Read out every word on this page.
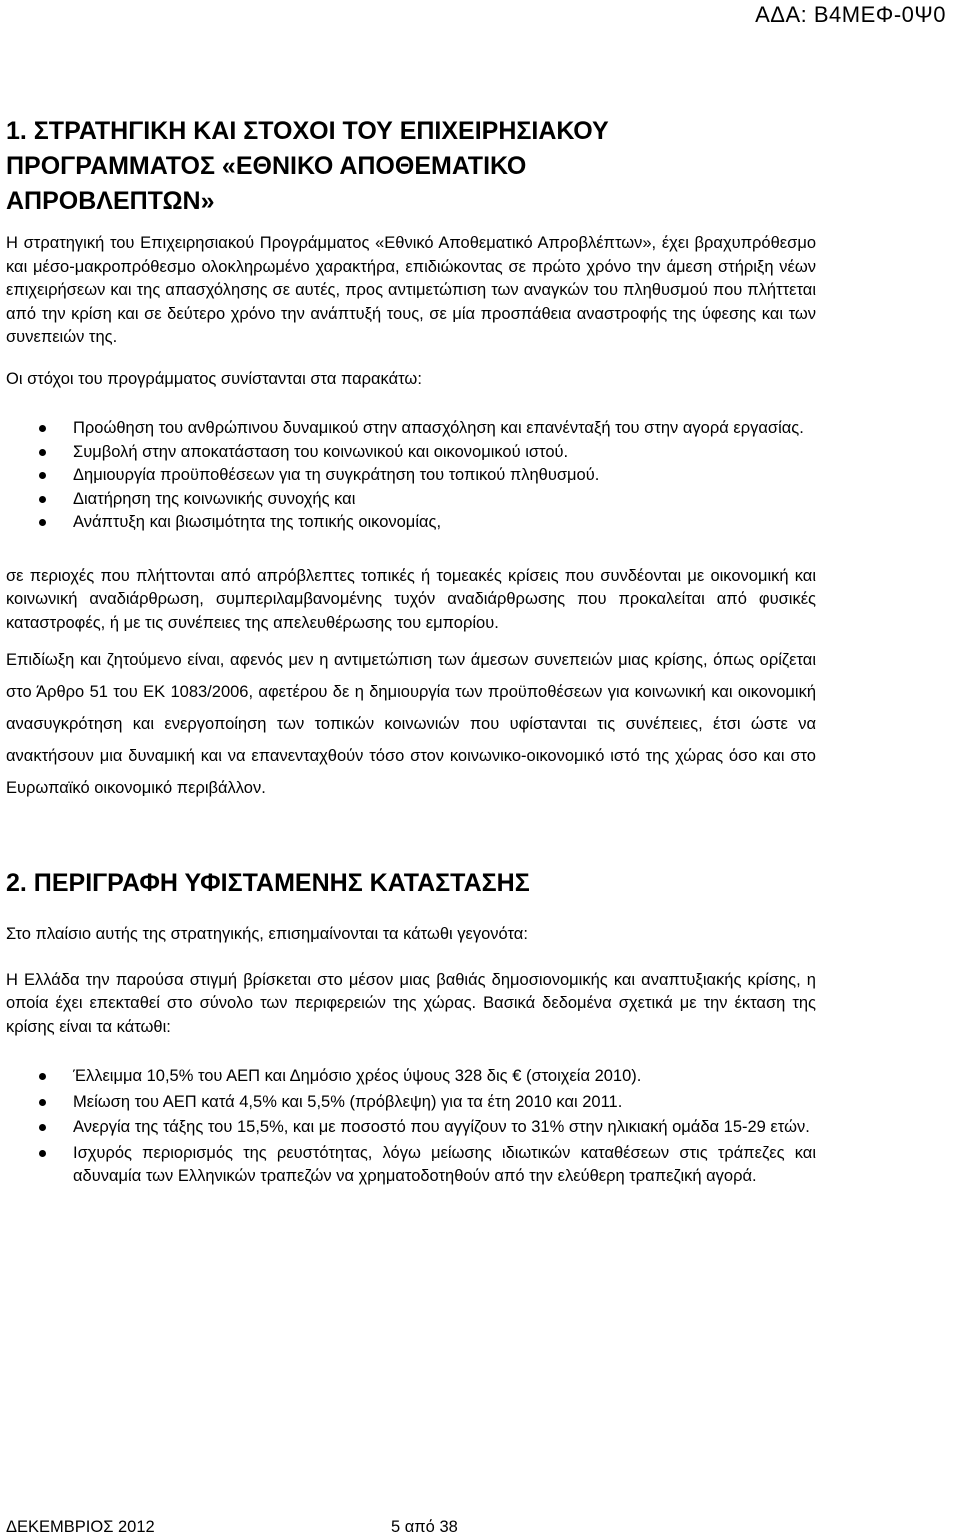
ΑΔΑ: Β4ΜΕΦ-0Ψ0
1. ΣΤΡΑΤΗΓΙΚΗ ΚΑΙ ΣΤΟΧΟΙ ΤΟΥ ΕΠΙΧΕΙΡΗΣΙΑΚΟΥ
ΠΡΟΓΡΑΜΜΑΤΟΣ «ΕΘΝΙΚΟ ΑΠΟΘΕΜΑΤΙΚΟ
ΑΠΡΟΒΛΕΠΤΩΝ»

Η στρατηγική του Επιχειρησιακού Προγράμματος «Εθνικό Αποθεματικό Απροβλέπτων», έχει βραχυπρόθεσμο και μέσο-μακροπρόθεσμο ολοκληρωμένο χαρακτήρα, επιδιώκοντας σε πρώτο χρόνο την άμεση στήριξη νέων επιχειρήσεων και της απασχόλησης σε αυτές, προς αντιμετώπιση των αναγκών του πληθυσμού που πλήττεται από την κρίση και σε δεύτερο χρόνο την ανάπτυξή τους, σε μία προσπάθεια αναστροφής της ύφεσης και των συνεπειών της.

Οι στόχοι του προγράμματος συνίστανται στα παρακάτω:

Προώθηση του ανθρώπινου δυναμικού στην απασχόληση και επανένταξή του στην αγορά εργασίας.
Συμβολή στην αποκατάσταση του κοινωνικού και οικονομικού ιστού.
Δημιουργία προϋποθέσεων για τη συγκράτηση του τοπικού πληθυσμού.
Διατήρηση της κοινωνικής συνοχής και
Ανάπτυξη και βιωσιμότητα της τοπικής οικονομίας,

σε περιοχές που πλήττονται από απρόβλεπτες τοπικές ή τομεακές κρίσεις που συνδέονται με οικονομική και κοινωνική αναδιάρθρωση, συμπεριλαμβανομένης τυχόν αναδιάρθρωσης που προκαλείται από φυσικές καταστροφές, ή με τις συνέπειες της απελευθέρωσης του εμπορίου.

Επιδίωξη και ζητούμενο είναι, αφενός μεν η αντιμετώπιση των άμεσων συνεπειών μιας κρίσης, όπως ορίζεται στο Άρθρο 51 του ΕΚ 1083/2006, αφετέρου δε η δημιουργία των προϋποθέσεων για κοινωνική και οικονομική ανασυγκρότηση και ενεργοποίηση των τοπικών κοινωνιών που υφίστανται τις συνέπειες, έτσι ώστε να ανακτήσουν μια δυναμική και να επανενταχθούν τόσο στον κοινωνικο-οικονομικό ιστό της χώρας όσο και στο Ευρωπαϊκό οικονομικό περιβάλλον.

2. ΠΕΡΙΓΡΑΦΗ ΥΦΙΣΤΑΜΕΝΗΣ ΚΑΤΑΣΤΑΣΗΣ

Στο πλαίσιο αυτής της στρατηγικής, επισημαίνονται τα κάτωθι γεγονότα:

Η Ελλάδα την παρούσα στιγμή βρίσκεται στο μέσον μιας βαθιάς δημοσιονομικής και αναπτυξιακής κρίσης, η οποία έχει επεκταθεί στο σύνολο των περιφερειών της χώρας. Βασικά δεδομένα σχετικά με την έκταση της κρίσης είναι τα κάτωθι:

Έλλειμμα 10,5% του ΑΕΠ και Δημόσιο χρέος ύψους 328 δις € (στοιχεία 2010).
Μείωση του ΑΕΠ κατά 4,5% και 5,5% (πρόβλεψη) για τα έτη 2010 και 2011.
Ανεργία της τάξης του 15,5%, και με ποσοστό που αγγίζουν το 31% στην ηλικιακή ομάδα 15-29 ετών.
Ισχυρός περιορισμός της ρευστότητας, λόγω μείωσης ιδιωτικών καταθέσεων στις τράπεζες και αδυναμία των Ελληνικών τραπεζών να χρηματοδοτηθούν από την ελεύθερη τραπεζική αγορά.
ΔΕΚΕΜΒΡΙΟΣ 2012	5 από 38
